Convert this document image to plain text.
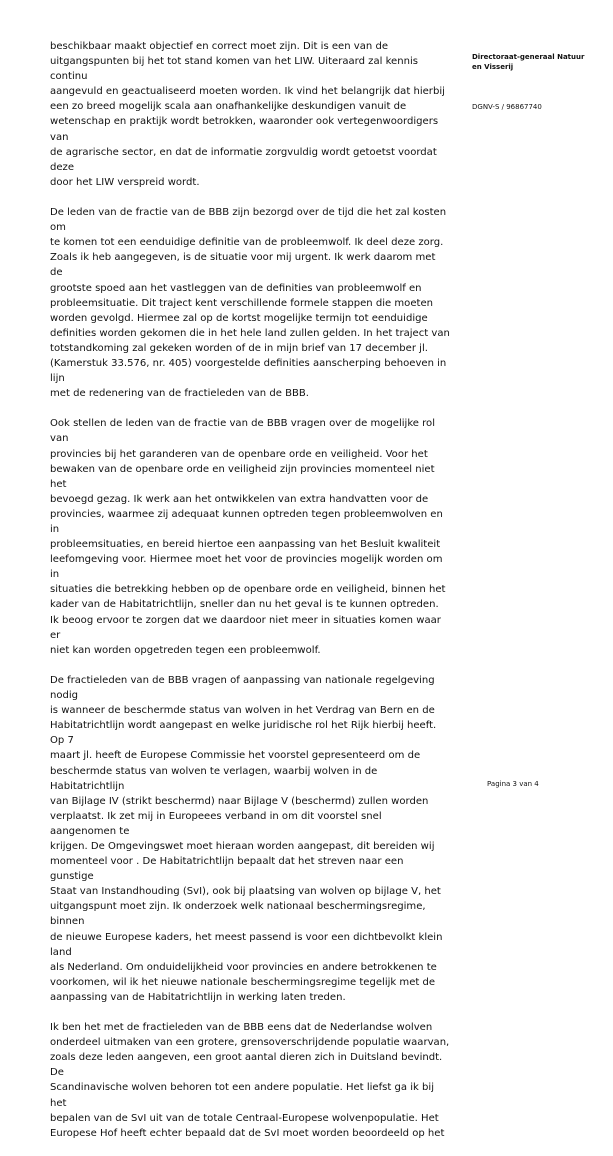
beschikbaar maakt objectief en correct moet zijn. Dit is een van de
uitgangspunten bij het tot stand komen van het LIW. Uiteraard zal kennis continu
aangevuld en geactualiseerd moeten worden. Ik vind het belangrijk dat hierbij
een zo breed mogelijk scala aan onafhankelijke deskundigen vanuit de
wetenschap en praktijk wordt betrokken, waaronder ook vertegenwoordigers van
de agrarische sector, en dat de informatie zorgvuldig wordt getoetst voordat deze
door het LIW verspreid wordt.

De leden van de fractie van de BBB zijn bezorgd over de tijd die het zal kosten om
te komen tot een eenduidige definitie van de probleemwolf. Ik deel deze zorg.
Zoals ik heb aangegeven, is de situatie voor mij urgent. Ik werk daarom met de
grootste spoed aan het vastleggen van de definities van probleemwolf en
probleemsituatie. Dit traject kent verschillende formele stappen die moeten
worden gevolgd. Hiermee zal op de kortst mogelijke termijn tot eenduidige
definities worden gekomen die in het hele land zullen gelden. In het traject van
totstandkoming zal gekeken worden of de in mijn brief van 17 december jl.
(Kamerstuk 33.576, nr. 405) voorgestelde definities aanscherping behoeven in lijn
met de redenering van de fractieleden van de BBB.

Ook stellen de leden van de fractie van de BBB vragen over de mogelijke rol van
provincies bij het garanderen van de openbare orde en veiligheid. Voor het
bewaken van de openbare orde en veiligheid zijn provincies momenteel niet het
bevoegd gezag. Ik werk aan het ontwikkelen van extra handvatten voor de
provincies, waarmee zij adequaat kunnen optreden tegen probleemwolven en in
probleemsituaties, en bereid hiertoe een aanpassing van het Besluit kwaliteit
leefomgeving voor. Hiermee moet het voor de provincies mogelijk worden om in
situaties die betrekking hebben op de openbare orde en veiligheid, binnen het
kader van de Habitatrichtlijn, sneller dan nu het geval is te kunnen optreden.
Ik beoog ervoor te zorgen dat we daardoor niet meer in situaties komen waar er
niet kan worden opgetreden tegen een probleemwolf.

De fractieleden van de BBB vragen of aanpassing van nationale regelgeving nodig
is wanneer de beschermde status van wolven in het Verdrag van Bern en de
Habitatrichtlijn wordt aangepast en welke juridische rol het Rijk hierbij heeft. Op 7
maart jl. heeft de Europese Commissie het voorstel gepresenteerd om de
beschermde status van wolven te verlagen, waarbij wolven in de Habitatrichtlijn
van Bijlage IV (strikt beschermd) naar Bijlage V (beschermd) zullen worden
verplaatst. Ik zet mij in Europeees verband in om dit voorstel snel aangenomen te
krijgen. De Omgevingswet moet hieraan worden aangepast, dit bereiden wij
momenteel voor . De Habitatrichtlijn bepaalt dat het streven naar een gunstige
Staat van Instandhouding (SvI), ook bij plaatsing van wolven op bijlage V, het
uitgangspunt moet zijn. Ik onderzoek welk nationaal beschermingsregime, binnen
de nieuwe Europese kaders, het meest passend is voor een dichtbevolkt klein land
als Nederland. Om onduidelijkheid voor provincies en andere betrokkenen te
voorkomen, wil ik het nieuwe nationale beschermingsregime tegelijk met de
aanpassing van de Habitatrichtlijn in werking laten treden.

Ik ben het met de fractieleden van de BBB eens dat de Nederlandse wolven
onderdeel uitmaken van een grotere, grensoverschrijdende populatie waarvan,
zoals deze leden aangeven, een groot aantal dieren zich in Duitsland bevindt. De
Scandinavische wolven behoren tot een andere populatie. Het liefst ga ik bij het
bepalen van de SvI uit van de totale Centraal-Europese wolvenpopulatie. Het
Europese Hof heeft echter bepaald dat de SvI moet worden beoordeeld op het

Directoraat-generaal Natuur
en Visserij

DGNV-S / 96867740

Pagina 3 van 4
